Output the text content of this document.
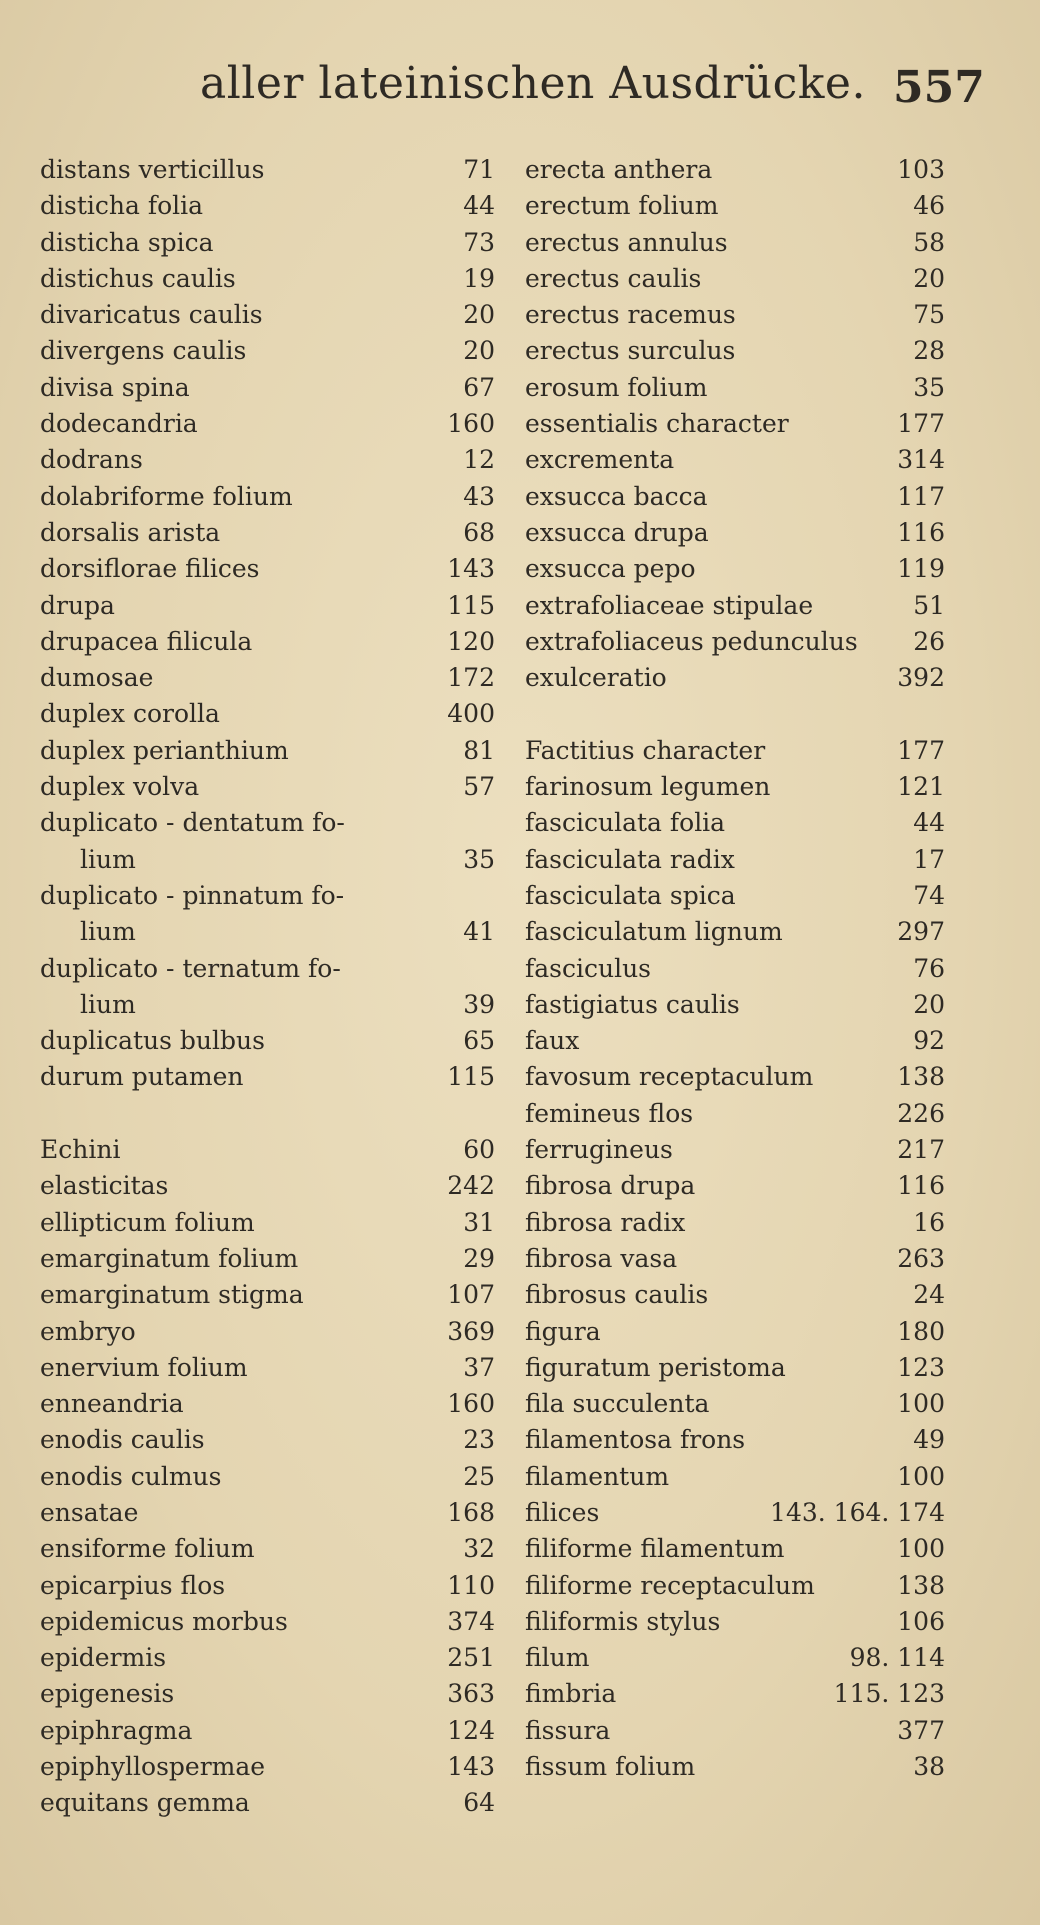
aller lateinischen Ausdrücke. 557
distans verticillus	71
disticha folia	44
disticha spica	73
distichus caulis	19
divaricatus caulis	20
divergens caulis	20
divisa spina	67
dodecandria	160
dodrans	12
dolabriforme folium	43
dorsalis arista	68
dorsiflorae filices	143
drupa	115
drupacea filicula	120
dumosae	172
duplex corolla	400
duplex perianthium	81
duplex volva	57
duplicato - dentatum fo-
lium	35
duplicato - pinnatum fo-
lium	41
duplicato - ternatum fo-
lium	39
duplicatus bulbus	65
durum putamen	115
Echini	60
elasticitas	242
ellipticum folium	31
emarginatum folium	29
emarginatum stigma	107
embryo	369
enervium folium	37
enneandria	160
enodis caulis	23
enodis culmus	25
ensatae	168
ensiforme folium	32
epicarpius flos	110
epidemicus morbus	374
epidermis	251
epigenesis	363
epiphragma	124
epiphyllospermae	143
equitans gemma	64
erecta anthera	103
erectum folium	46
erectus annulus	58
erectus caulis	20
erectus racemus	75
erectus surculus	28
erosum folium	35
essentialis character	177
excrementa	314
exsucca bacca	117
exsucca drupa	116
exsucca pepo	119
extrafoliaceae stipulae	51
extrafoliaceus pedunculus 26
exulceratio	392
Factitius character	177
farinosum legumen	121
fasciculata folia	44
fasciculata radix	17
fasciculata spica	74
fasciculatum lignum	297
fasciculus	76
fastigiatus caulis	20
faux	92
favosum receptaculum	138
femineus flos	226
ferrugineus	217
fibrosa drupa	116
fibrosa radix	16
fibrosa vasa	263
fibrosus caulis	24
figura	180
figuratum peristoma	123
fila succulenta	100
filamentosa frons	49
filamentum	100
filices	143. 164. 174
filiforme filamentum	100
filiforme receptaculum	138
filiformis stylus	106
filum	98. 114
fimbria	115. 123
fissura	377
fissum folium	38
